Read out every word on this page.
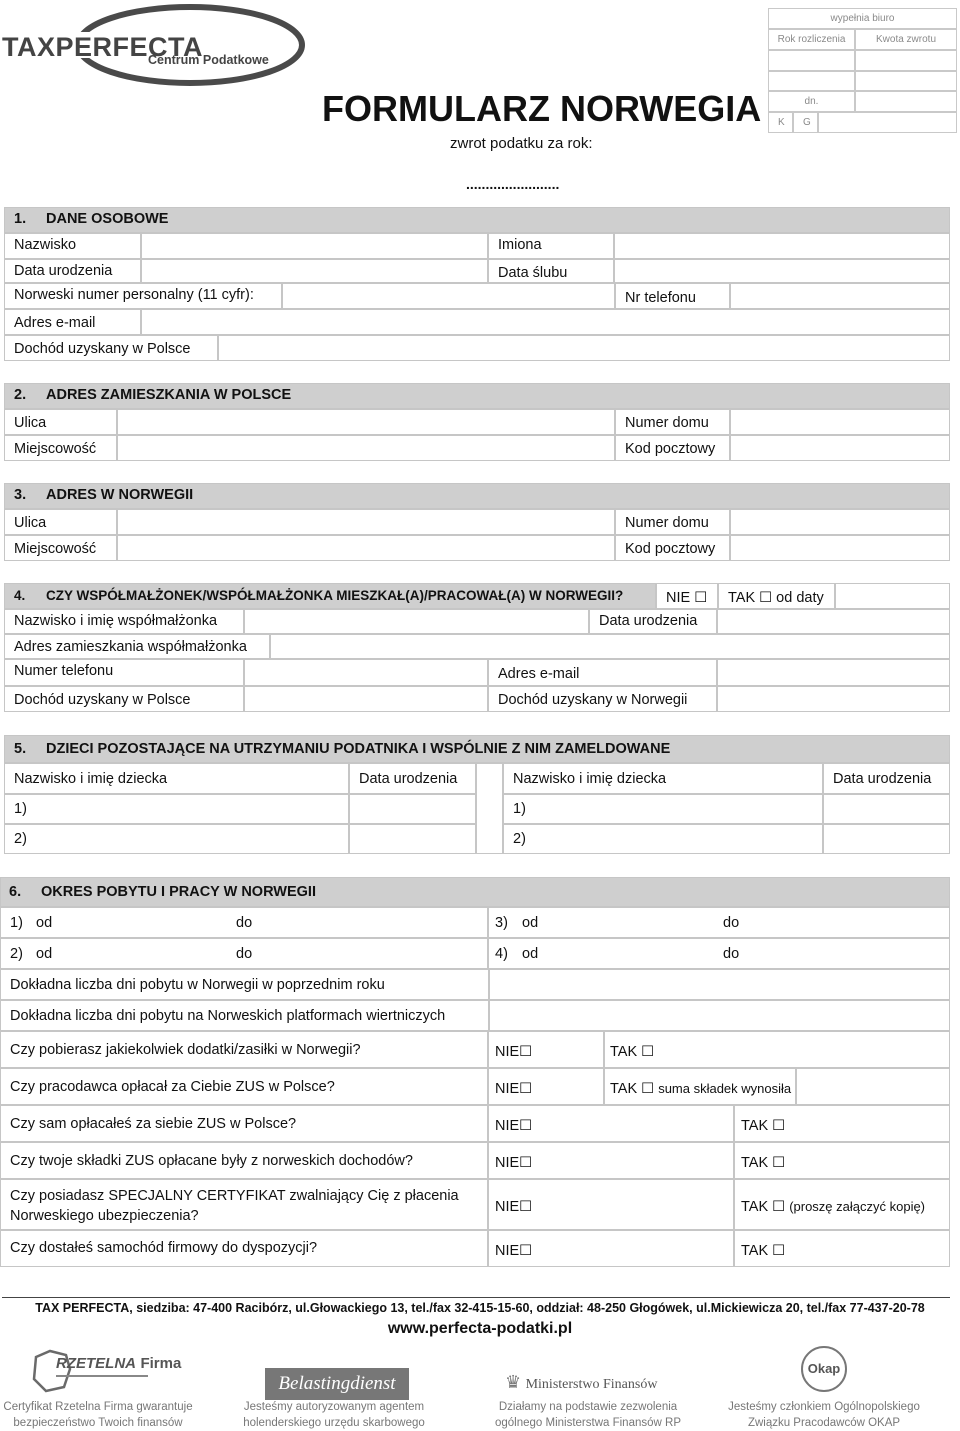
TAXPERFECTA
Centrum Podatkowe
FORMULARZ NORWEGIA
zwrot podatku za rok:
........................
wypełnia biuro
Rok rozliczenia	Kwota zwrotu
dn.
K	G
1. DANE OSOBOWE
Nazwisko	Imiona
Data urodzenia	Data ślubu
Norweski numer personalny (11 cyfr):	Nr telefonu
Adres e-mail
Dochód uzyskany w Polsce
2. ADRES ZAMIESZKANIA W POLSCE
Ulica	Numer domu
Miejscowość	Kod pocztowy
3. ADRES W NORWEGII
Ulica	Numer domu
Miejscowość	Kod pocztowy
4. CZY WSPÓŁMAŁŻONEK/WSPÓŁMAŁŻONKA MIESZKAŁ(A)/PRACOWAŁ(A) W NORWEGII?	NIE ☐	TAK ☐ od daty
Nazwisko i imię współmałżonka	Data urodzenia
Adres zamieszkania współmałżonka
Numer telefonu	Adres e-mail
Dochód uzyskany w Polsce	Dochód uzyskany w Norwegii
5. DZIECI POZOSTAJĄCE NA UTRZYMANIU PODATNIKA I WSPÓLNIE Z NIM ZAMELDOWANE
Nazwisko i imię dziecka	Data urodzenia
1)
2)
Nazwisko i imię dziecka	Data urodzenia
1)
2)
6. OKRES POBYTU I PRACY W NORWEGII
1) od	do	3) od	do
2) od	do	4) od	do
Dokładna liczba dni pobytu w Norwegii w poprzednim roku
Dokładna liczba dni pobytu na Norweskich platformach wiertniczych
Czy pobierasz jakiekolwiek dodatki/zasiłki w Norwegii?	NIE☐	TAK ☐
Czy pracodawca opłacał za Ciebie ZUS w Polsce?	NIE☐	TAK ☐ suma składek wynosiła
Czy sam opłacałeś za siebie ZUS w Polsce?	NIE☐	TAK ☐
Czy twoje składki ZUS opłacane były z norweskich dochodów?	NIE☐	TAK ☐
Czy posiadasz SPECJALNY CERTYFIKAT zwalniający Cię z płacenia
Norweskiego ubezpieczenia?
NIE☐	TAK ☐ (proszę załączyć kopię)
Czy dostałeś samochód firmowy do dyspozycji?	NIE☐	TAK ☐
TAX PERFECTA, siedziba: 47-400 Racibórz, ul.Głowackiego 13, tel./fax 32-415-15-60, oddział: 48-250 Głogówek, ul.Mickiewicza 20, tel./fax 77-437-20-78
www.perfecta-podatki.pl
RZETELNA Firma
Belastingdienst	♛ Ministerstwo Finansów
Okap
Certyfikat Rzetelna Firma gwarantuje
bezpieczeństwo Twoich finansów
Jesteśmy autoryzowanym agentem
holenderskiego urzędu skarbowego
Działamy na podstawie zezwolenia
ogólnego Ministerstwa Finansów RP
Jesteśmy członkiem Ogólnopolskiego
Związku Pracodawców OKAP
